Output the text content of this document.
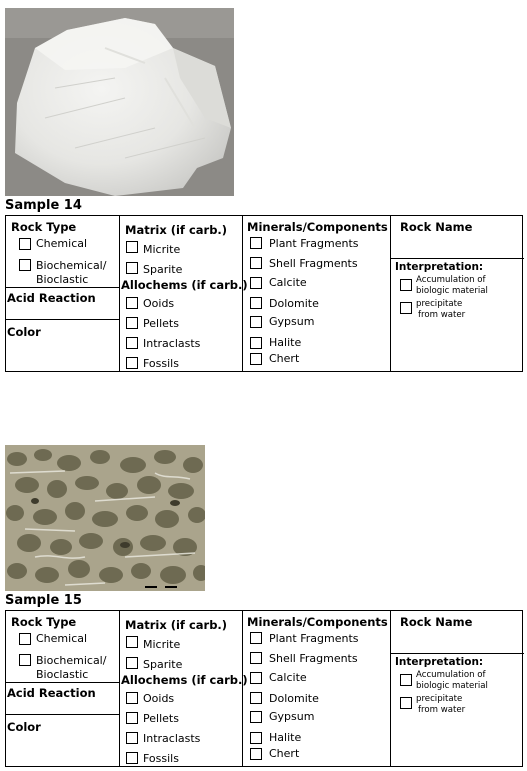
Sample 14
Rock Type
Chemical
Biochemical/
Bioclastic
Acid Reaction
Color
Matrix (if carb.)
Micrite
Sparite
Allochems (if carb.)
Ooids
Pellets
Intraclasts
Fossils
Minerals/Components
Plant Fragments
Shell Fragments
Calcite
Dolomite
Gypsum
Halite
Chert
Rock Name
Interpretation:
Accumulation of
biologic material
precipitate
from water
Sample 15
Rock Type
Chemical
Biochemical/
Bioclastic
Acid Reaction
Color
Matrix (if carb.)
Micrite
Sparite
Allochems (if carb.)
Ooids
Pellets
Intraclasts
Fossils
Minerals/Components
Plant Fragments
Shell Fragments
Calcite
Dolomite
Gypsum
Halite
Chert
Rock Name
Interpretation:
Accumulation of
biologic material
precipitate
from water
